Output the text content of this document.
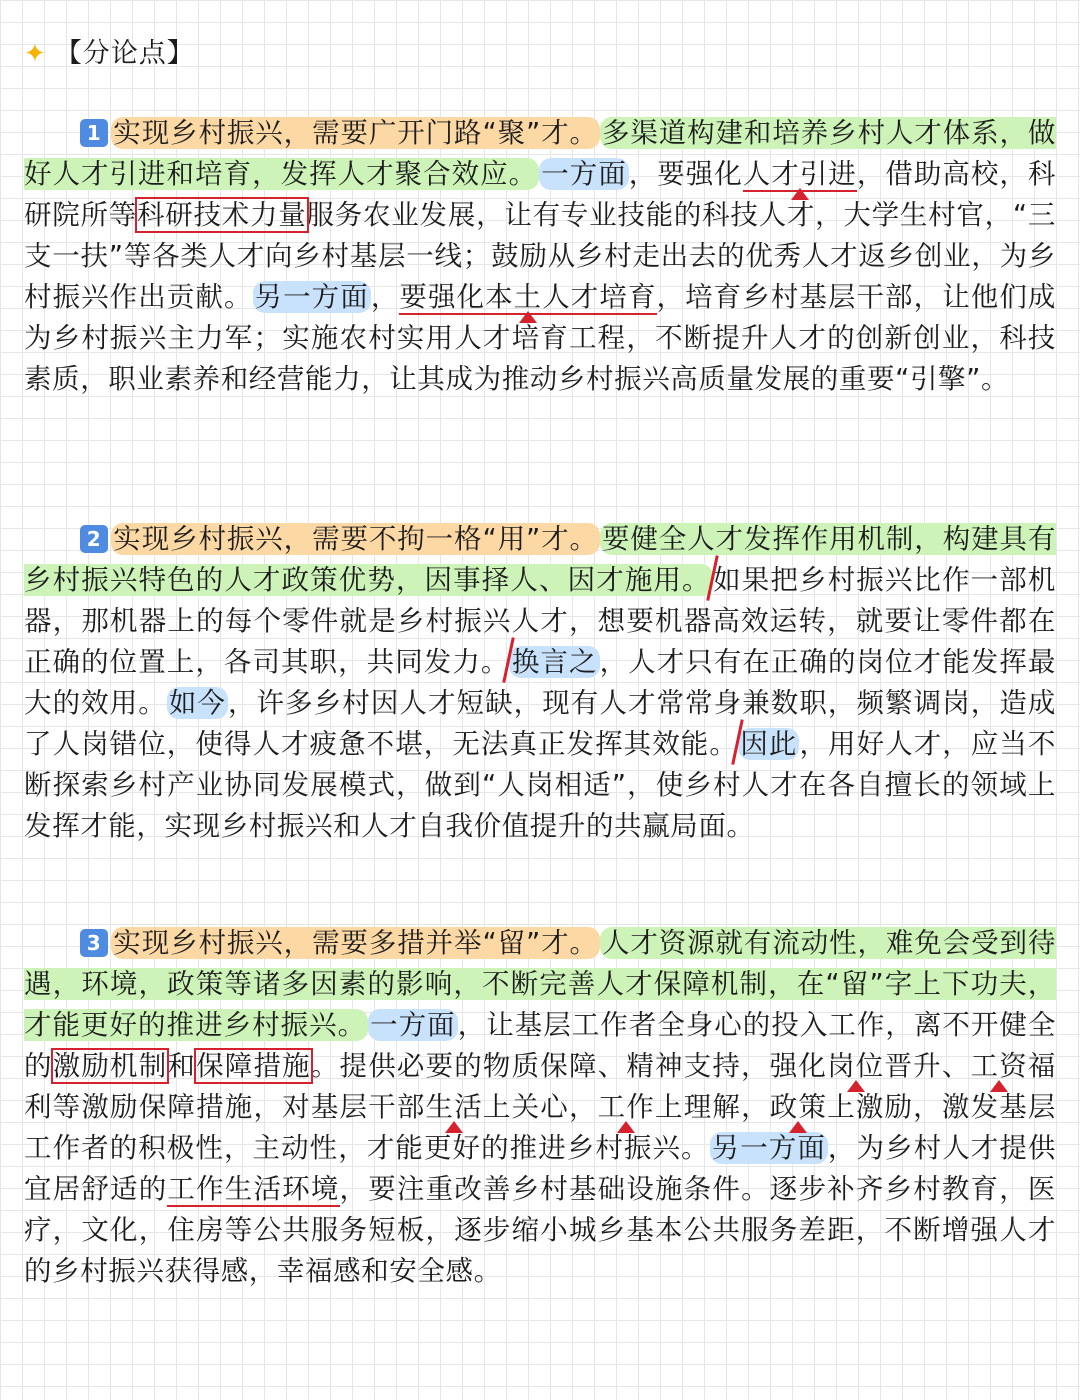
✦ 【分论点】
1 实现乡村振兴，需要广开门路“聚”才。 多渠道构建和培养乡村人才体系，做好人才引进和培育，发挥人才聚合效应。 一方面，要强化人才引进
，借助高校，科研院所等科研技术力量服务农业发展，让有专业技能的科技人才，大学生村官，“三支一扶”等各类人才向乡村基层一线；鼓励从乡村走出去的优秀人才返乡创业，为乡村振兴作出贡献。另一方面，要强化本土人才培育
，培育乡村基层干部，让他们成为乡村振兴主力军；实施农村实用人才培育工程，不断提升人才的创新创业，科技素质，职业素养和经营能力，让其成为推动乡村振兴高质量发展的重要“引擎”。
2 实现乡村振兴，需要不拘一格“用”才。 要健全人才发挥作用机制，构建具有乡村振兴特色的人才政策优势，因事择人、因才施用。如果把乡村振兴比作一部机器，那机器上的每个零件就是乡村振兴人才，想要机器高效运转，就要让零件都在正确的位置上，各司其职，共同发力。换言之，人才只有在正确的岗位才能发挥最大的效用。如今，许多乡村因人才短缺，现有人才常常身兼数职，频繁调岗，造成了人岗错位，使得人才疲惫不堪，无法真正发挥其效能。因此，用好人才，应当不断探索乡村产业协同发展模式，做到“人岗相适”，使乡村人才在各自擅长的领域上发挥才能，实现乡村振兴和人才自我价值提升的共赢局面。
3 实现乡村振兴，需要多措并举“留”才。 人才资源就有流动性，难免会受到待遇，环境，政策等诸多因素的影响，不断完善人才保障机制，在“留”字上下功夫，才能更好的推进乡村振兴。 一方面，让基层工作者全身心的投入工作，离不开健全的激励机制和保障措施。提供必要的物质保障、精神支持，强化岗位
晋升、工资
福利等激励保障措施，对基层干部生活
上关心，工作
上理解，政策
上激励，激发基层工作者的积极性，主动性，才能更好的推进乡村振兴。另一方面，为乡村人才提供宜居舒适的工作生活环境，要注重改善乡村基础设施条件。逐步补齐乡村教育，医疗，文化，住房等公共服务短板，逐步缩小城乡基本公共服务差距，不断增强人才的乡村振兴获得感，幸福感和安全感。
